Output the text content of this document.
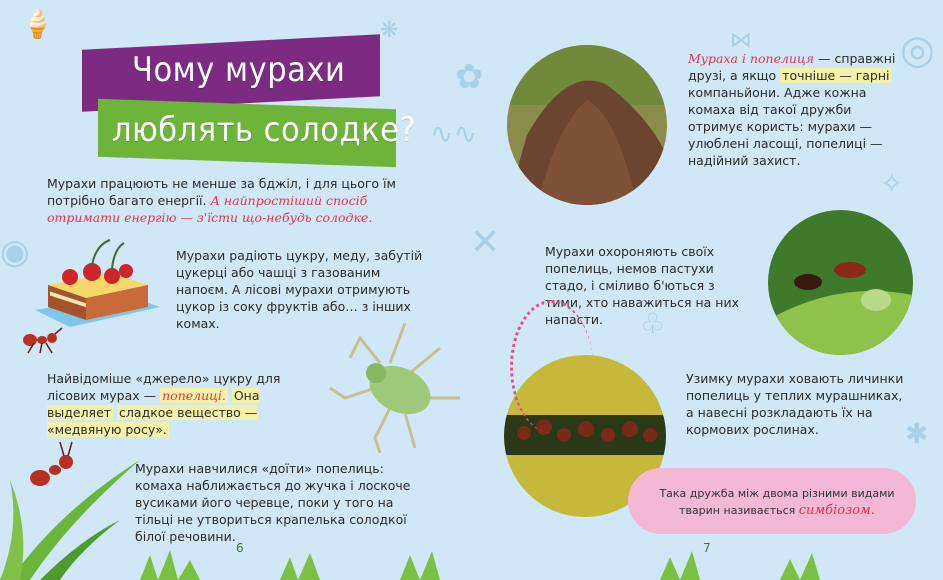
🍦
✿
◎
∿∿
✧
✕
◉
✱
♧
⋈
❋
Чому мурахи
люблять солодке?
Мурахи працюють не менше за бджіл, і для цього їм потрібно багато енергії. А найпростіший спосіб отримати енергію — з'їсти що-небудь солодке.
Мурахи радіють цукру, меду, забутій цукерці або чашці з газованим напоєм. А лісові мурахи отримують цукор із соку фруктів або… з інших комах.
Найвідоміше «джерело» цукру для лісових мурах — попелиці. Она выделяет сладкое вещество — «медвяную росу».
Мурахи навчилися «доїти» попелиць: комаха наближається до жучка і лоскоче вусиками його черевце, поки у того на тільці не утвориться крапелька солодкої білої речовини.
6
Мураха і попелиця — справжні друзі, а якщо точніше — гарні компаньйони. Адже кожна комаха від такої дружби отримує користь: мурахи — улюблені ласощі, попелиці — надійний захист.
Мурахи охороняють своїх попелиць, немов пастухи стадо, і сміливо б'ються з тими, хто наважиться на них напасти.
Узимку мурахи ховають личинки попелиць у теплих мурашниках, а навесні розкладають їх на кормових рослинах.
Така дружба між двома різними видами тварин називається симбіозом.
7
